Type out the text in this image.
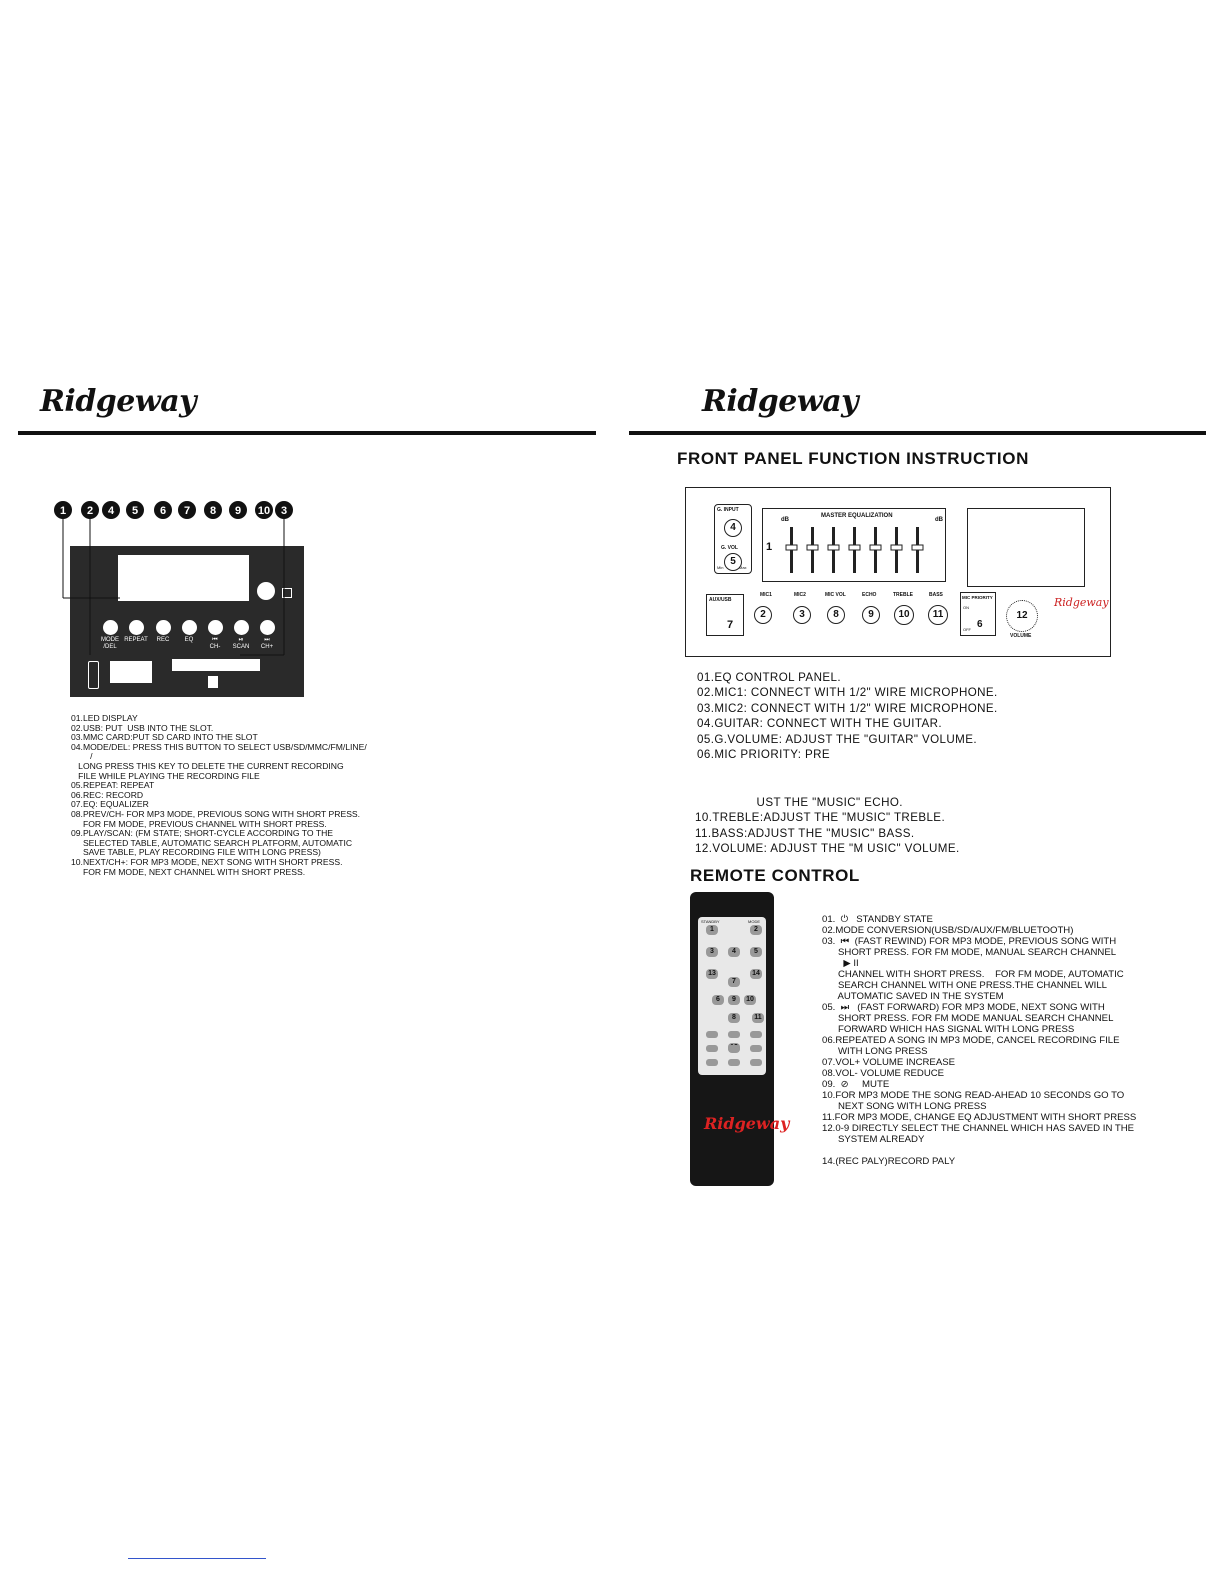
Ridgeway
1 2 4 5 6 7 8 9 10 3
MODE
/DEL
REPEAT
	REC
	EQ
	⏮
CH-
⏯
SCAN
⏭
CH+
01.LED DISPLAY
02.USB: PUT  USB INTO THE SLOT.
03.MMC CARD:PUT SD CARD INTO THE SLOT
04.MODE/DEL: PRESS THIS BUTTON TO SELECT USB/SD/MMC/FM/LINE/
/
LONG PRESS THIS KEY TO DELETE THE CURRENT RECORDING
FILE WHILE PLAYING THE RECORDING FILE
05.REPEAT: REPEAT
06.REC: RECORD
07.EQ: EQUALIZER
08.PREV/CH- FOR MP3 MODE, PREVIOUS SONG WITH SHORT PRESS.
FOR FM MODE, PREVIOUS CHANNEL WITH SHORT PRESS.
09.PLAY/SCAN: (FM STATE; SHORT-CYCLE ACCORDING TO THE
SELECTED TABLE, AUTOMATIC SEARCH PLATFORM, AUTOMATIC
SAVE TABLE, PLAY RECORDING FILE WITH LONG PRESS)
10.NEXT/CH+: FOR MP3 MODE, NEXT SONG WITH SHORT PRESS.
FOR FM MODE, NEXT CHANNEL WITH SHORT PRESS.
Ridgeway
FRONT PANEL FUNCTION INSTRUCTION
G. INPUT
4
G. VOL
5
Min	Max
MASTER EQUALIZATION
dB	dB
1
AUX/USB
7
MIC1
2
MIC2
3
MIC VOL
8
ECHO
9
TREBLE
10
BASS
11
MIC PRIORITY
ON
OFF 6
12
VOLUME
Ridgeway
01.EQ CONTROL PANEL.
02.MIC1: CONNECT WITH 1/2" WIRE MICROPHONE.
03.MIC2: CONNECT WITH 1/2" WIRE MICROPHONE.
04.GUITAR: CONNECT WITH THE GUITAR.
05.G.VOLUME: ADJUST THE "GUITAR" VOLUME.
06.MIC PRIORITY: PRE
UST THE "MUSIC" ECHO.
10.TREBLE:ADJUST THE "MUSIC" TREBLE.
11.BASS:ADJUST THE "MUSIC" BASS.
12.VOLUME: ADJUST THE "M USIC" VOLUME.
REMOTE CONTROL
STANDBY	MODE
1	2
3	4	5
13	14
7
6	9	10
8	11
Ridgeway
01.  ⏻   STANDBY STATE
02.MODE CONVERSION(USB/SD/AUX/FM/BLUETOOTH)
03.  ⏮  (FAST REWIND) FOR MP3 MODE, PREVIOUS SONG WITH
SHORT PRESS. FOR FM MODE, MANUAL SEARCH CHANNEL
▶ II
CHANNEL WITH SHORT PRESS.    FOR FM MODE, AUTOMATIC
SEARCH CHANNEL WITH ONE PRESS.THE CHANNEL WILL
AUTOMATIC SAVED IN THE SYSTEM
05.  ⏭   (FAST FORWARD) FOR MP3 MODE, NEXT SONG WITH
SHORT PRESS. FOR FM MODE MANUAL SEARCH CHANNEL
FORWARD WHICH HAS SIGNAL WITH LONG PRESS
06.REPEATED A SONG IN MP3 MODE, CANCEL RECORDING FILE
WITH LONG PRESS
07.VOL+ VOLUME INCREASE
08.VOL- VOLUME REDUCE
09.  ⊘     MUTE
10.FOR MP3 MODE THE SONG READ-AHEAD 10 SECONDS GO TO
NEXT SONG WITH LONG PRESS
11.FOR MP3 MODE, CHANGE EQ ADJUSTMENT WITH SHORT PRESS
12.0-9 DIRECTLY SELECT THE CHANNEL WHICH HAS SAVED IN THE
SYSTEM ALREADY

14.(REC PALY)RECORD PALY
